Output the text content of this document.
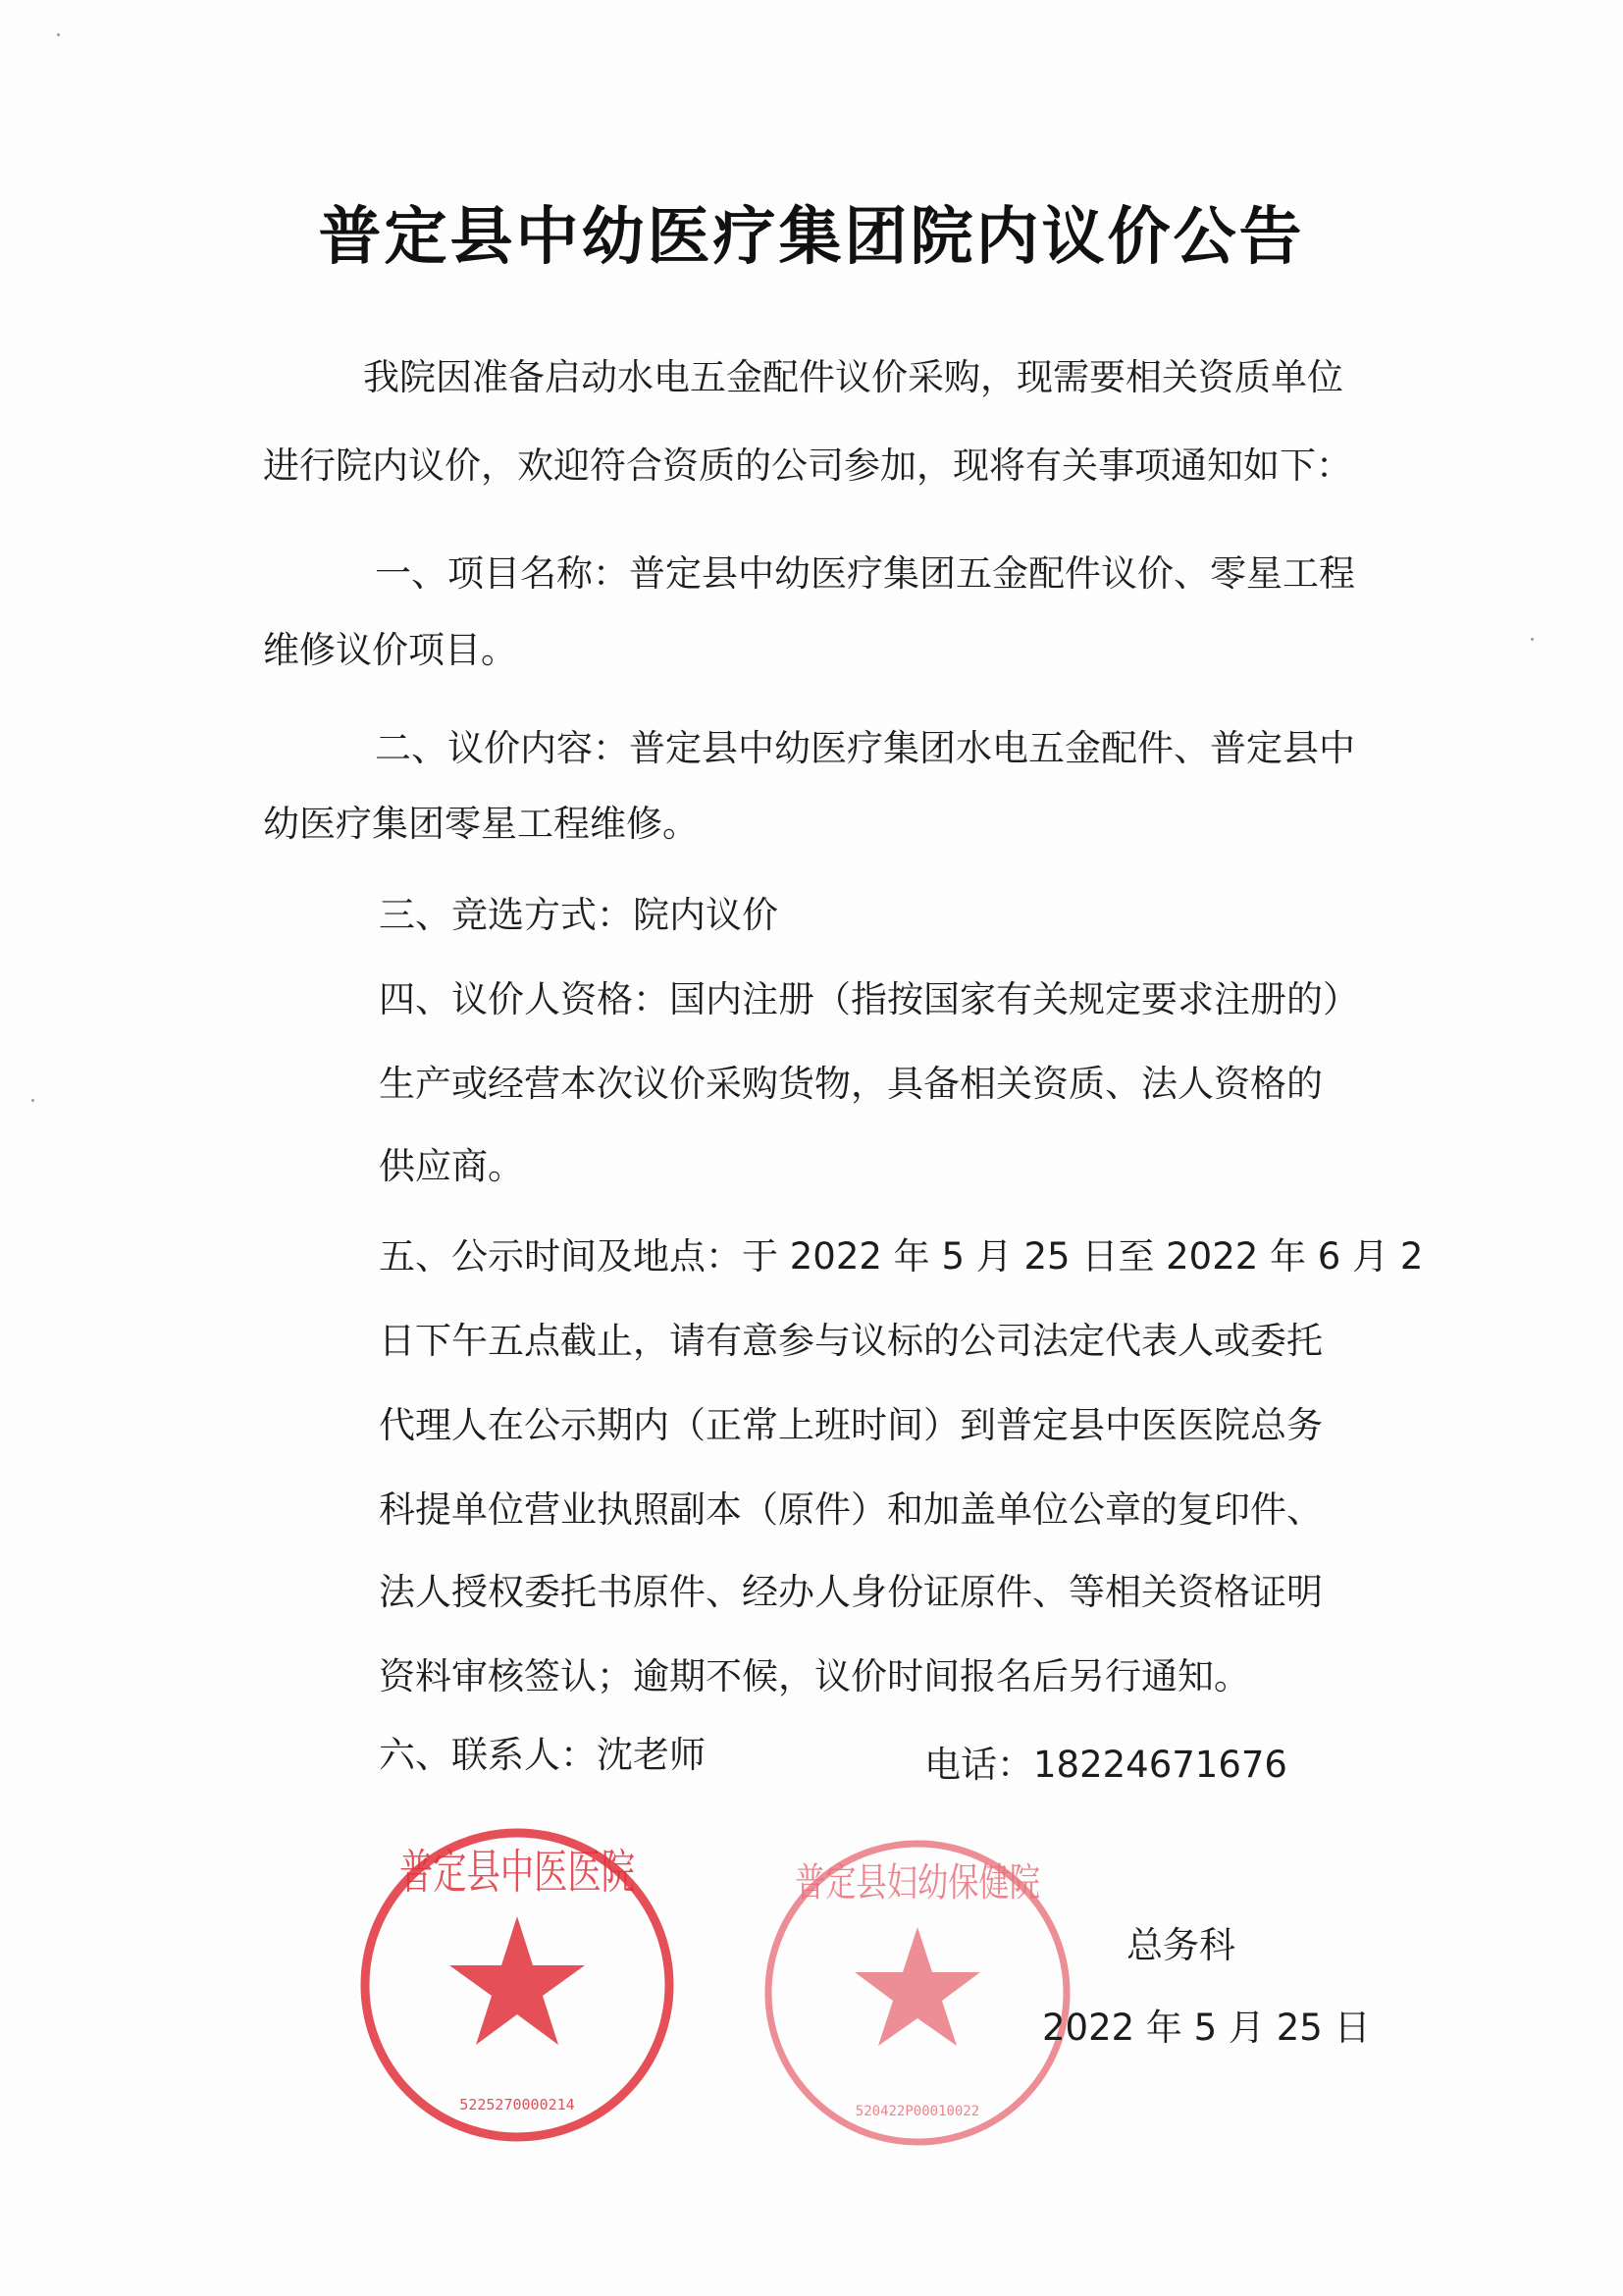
普定县中幼医疗集团院内议价公告
我院因准备启动水电五金配件议价采购，现需要相关资质单位
进行院内议价，欢迎符合资质的公司参加，现将有关事项通知如下：
一、项目名称：普定县中幼医疗集团五金配件议价、零星工程
维修议价项目。
二、议价内容：普定县中幼医疗集团水电五金配件、普定县中
幼医疗集团零星工程维修。
三、竞选方式：院内议价
四、议价人资格：国内注册（指按国家有关规定要求注册的）
生产或经营本次议价采购货物，具备相关资质、法人资格的
供应商。
五、公示时间及地点：于 2022 年 5 月 25 日至 2022 年 6 月 2
日下午五点截止，请有意参与议标的公司法定代表人或委托
代理人在公示期内（正常上班时间）到普定县中医医院总务
科提单位营业执照副本（原件）和加盖单位公章的复印件、
法人授权委托书原件、经办人身份证原件、等相关资格证明
资料审核签认；逾期不候，议价时间报名后另行通知。
六、联系人：沈老师	电话：18224671676
普定县中医医院
5225270000214
普定县妇幼保健院
520422P00010022
总务科
2022 年 5 月 25 日
